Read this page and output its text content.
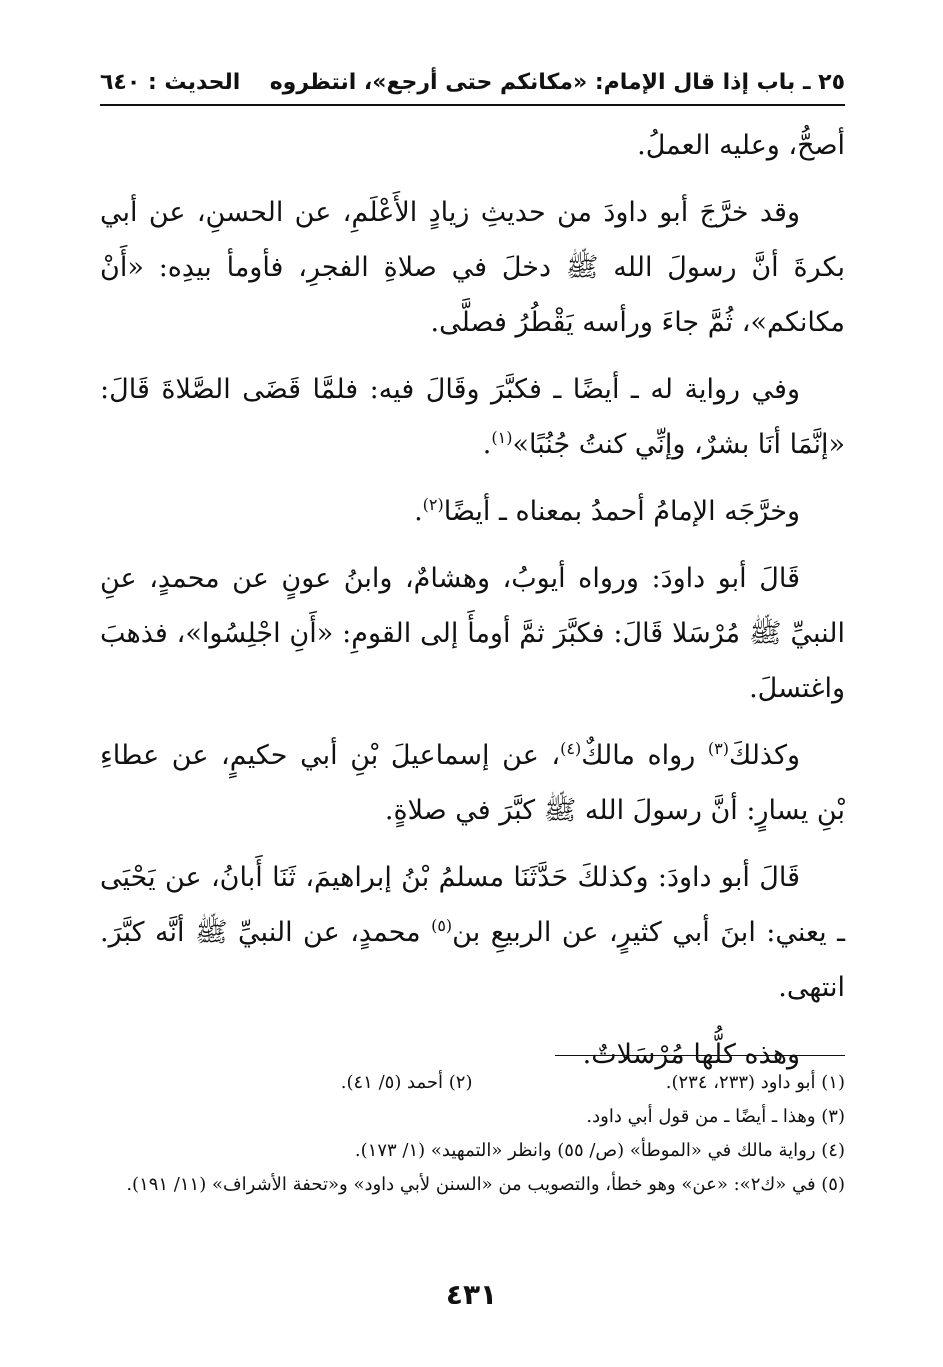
٢٥ ـ باب إذا قال الإمام: «مكانكم حتى أرجع»، انتظروه
الحديث : ٦٤٠

أصحُّ، وعليه العملُ.

وقد خرَّجَ أبو داودَ من حديثِ زيادٍ الأَعْلَمِ، عن الحسنِ، عن أبي بكرةَ أنَّ رسولَ الله ﷺ دخلَ في صلاةِ الفجرِ، فأومأ بيدِه: «أَنْ مكانكم»، ثُمَّ جاءَ ورأسه يَقْطُرُ فصلَّى.

وفي رواية له ـ أيضًا ـ فكبَّرَ وقَالَ فيه: فلمَّا قَضَى الصَّلاةَ قَالَ: «إنَّمَا أنَا بشرٌ، وإنِّي كنتُ جُنُبًا»$^{(١)}$.

وخرَّجَه الإمامُ أحمدُ بمعناه ـ أيضًا$^{(٢)}$.

قَالَ أبو داودَ: ورواه أيوبُ، وهشامٌ، وابنُ عونٍ عن محمدٍ، عنِ النبيِّ ﷺ مُرْسَلا قَالَ: فكبَّرَ ثمَّ أومأَ إلى القومِ: «أَنِ اجْلِسُوا»، فذهبَ واغتسلَ.

وكذلكَ$^{(٣)}$ رواه مالكٌ$^{(٤)}$، عن إسماعيلَ بْنِ أبي حكيمٍ، عن عطاءِ بْنِ يسارٍ: أنَّ رسولَ الله ﷺ كبَّرَ في صلاةٍ.

قَالَ أبو داودَ: وكذلكَ حَدَّثَنَا مسلمُ بْنُ إبراهيمَ، ثَنَا أَبانُ، عن يَحْيَى ـ يعني: ابنَ أبي كثيرٍ، عن الربيعِ بن$^{(٥)}$ محمدٍ، عن النبيِّ ﷺ أنَّه كبَّرَ. انتهى.

وهذه كلُّها مُرْسَلاتٌ.

(١) أبو داود (٢٣٣، ٢٣٤).
(٢) أحمد (٥/ ٤١).

(٣) وهذا ـ أيضًا ـ من قول أبي داود.

(٤) رواية مالك في «الموطأ» (ص/ ٥٥) وانظر «التمهيد» (١/ ١٧٣).

(٥) في «ك٢»: «عن» وهو خطأ، والتصويب من «السنن لأبي داود» و«تحفة الأشراف» (١١/ ١٩١).

٤٣١
